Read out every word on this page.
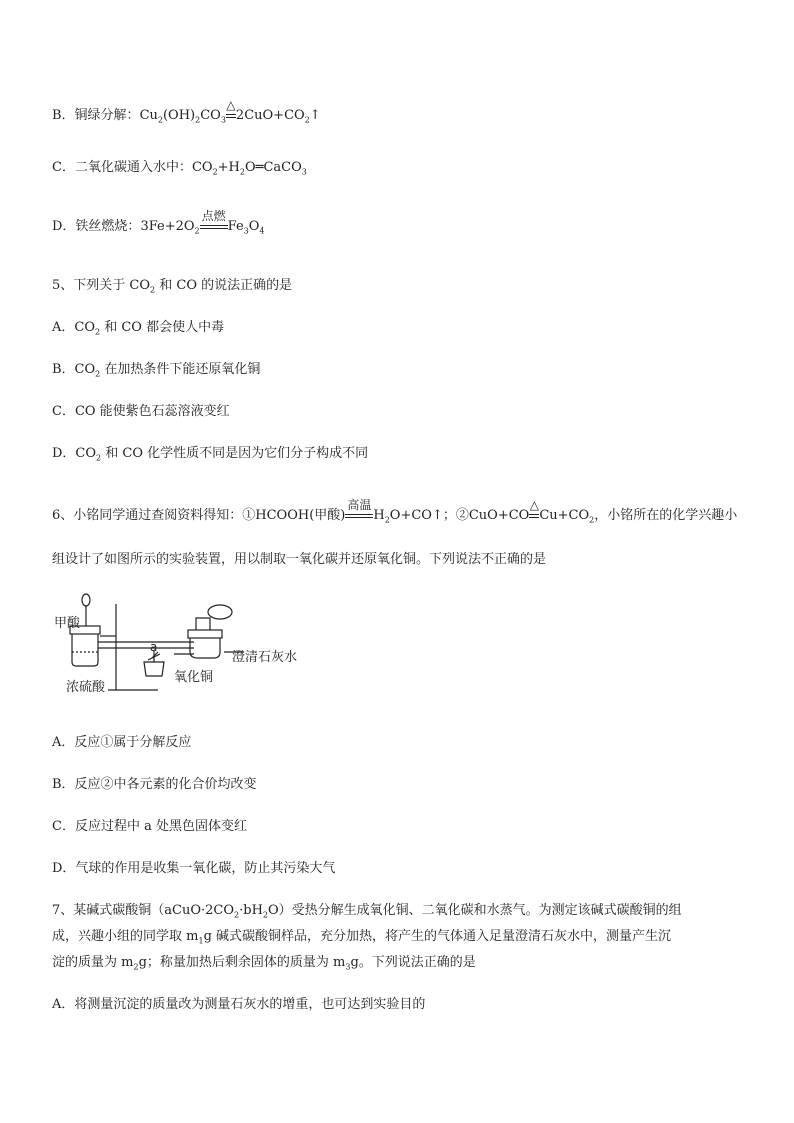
B．铜绿分解：$Cu_2(OH)_2CO_3$
△
$2CuO+CO_2↑$
C．二氧化碳通入水中：$CO_2+H_2O═CaCO_3$
D．铁丝燃烧：$3Fe+2O_2$
点燃
$Fe_3O_4$
5、下列关于 $CO_2$ 和 CO 的说法正确的是
A．$CO_2$ 和 CO 都会使人中毒
B．$CO_2$ 在加热条件下能还原氧化铜
C．CO 能使紫色石蕊溶液变红
D．$CO_2$ 和 CO 化学性质不同是因为它们分子构成不同
6、小铭同学通过查阅资料得知：①HCOOH(甲酸)
高温
$H_2O+CO↑$；②CuO+CO
△
$Cu+CO_2$，小铭所在的化学兴趣小
组设计了如图所示的实验装置，用以制取一氧化碳并还原氧化铜。下列说法不正确的是
甲酸
浓硫酸
a
澄清石灰水
氧化铜
A．反应①属于分解反应
B．反应②中各元素的化合价均改变
C．反应过程中 a 处黑色固体变红
D．气球的作用是收集一氧化碳，防止其污染大气
7、某碱式碳酸铜$(aCuO\cdot 2CO_2\cdot bH_2O)$受热分解生成氧化铜、二氧化碳和水蒸气。为测定该碱式碳酸铜的组
成，兴趣小组的同学取 $m_1g$ 碱式碳酸铜样品，充分加热，将产生的气体通入足量澄清石灰水中，测量产生沉
淀的质量为 $m_2g$；称量加热后剩余固体的质量为 $m_3g$。下列说法正确的是
A．将测量沉淀的质量改为测量石灰水的增重，也可达到实验目的
